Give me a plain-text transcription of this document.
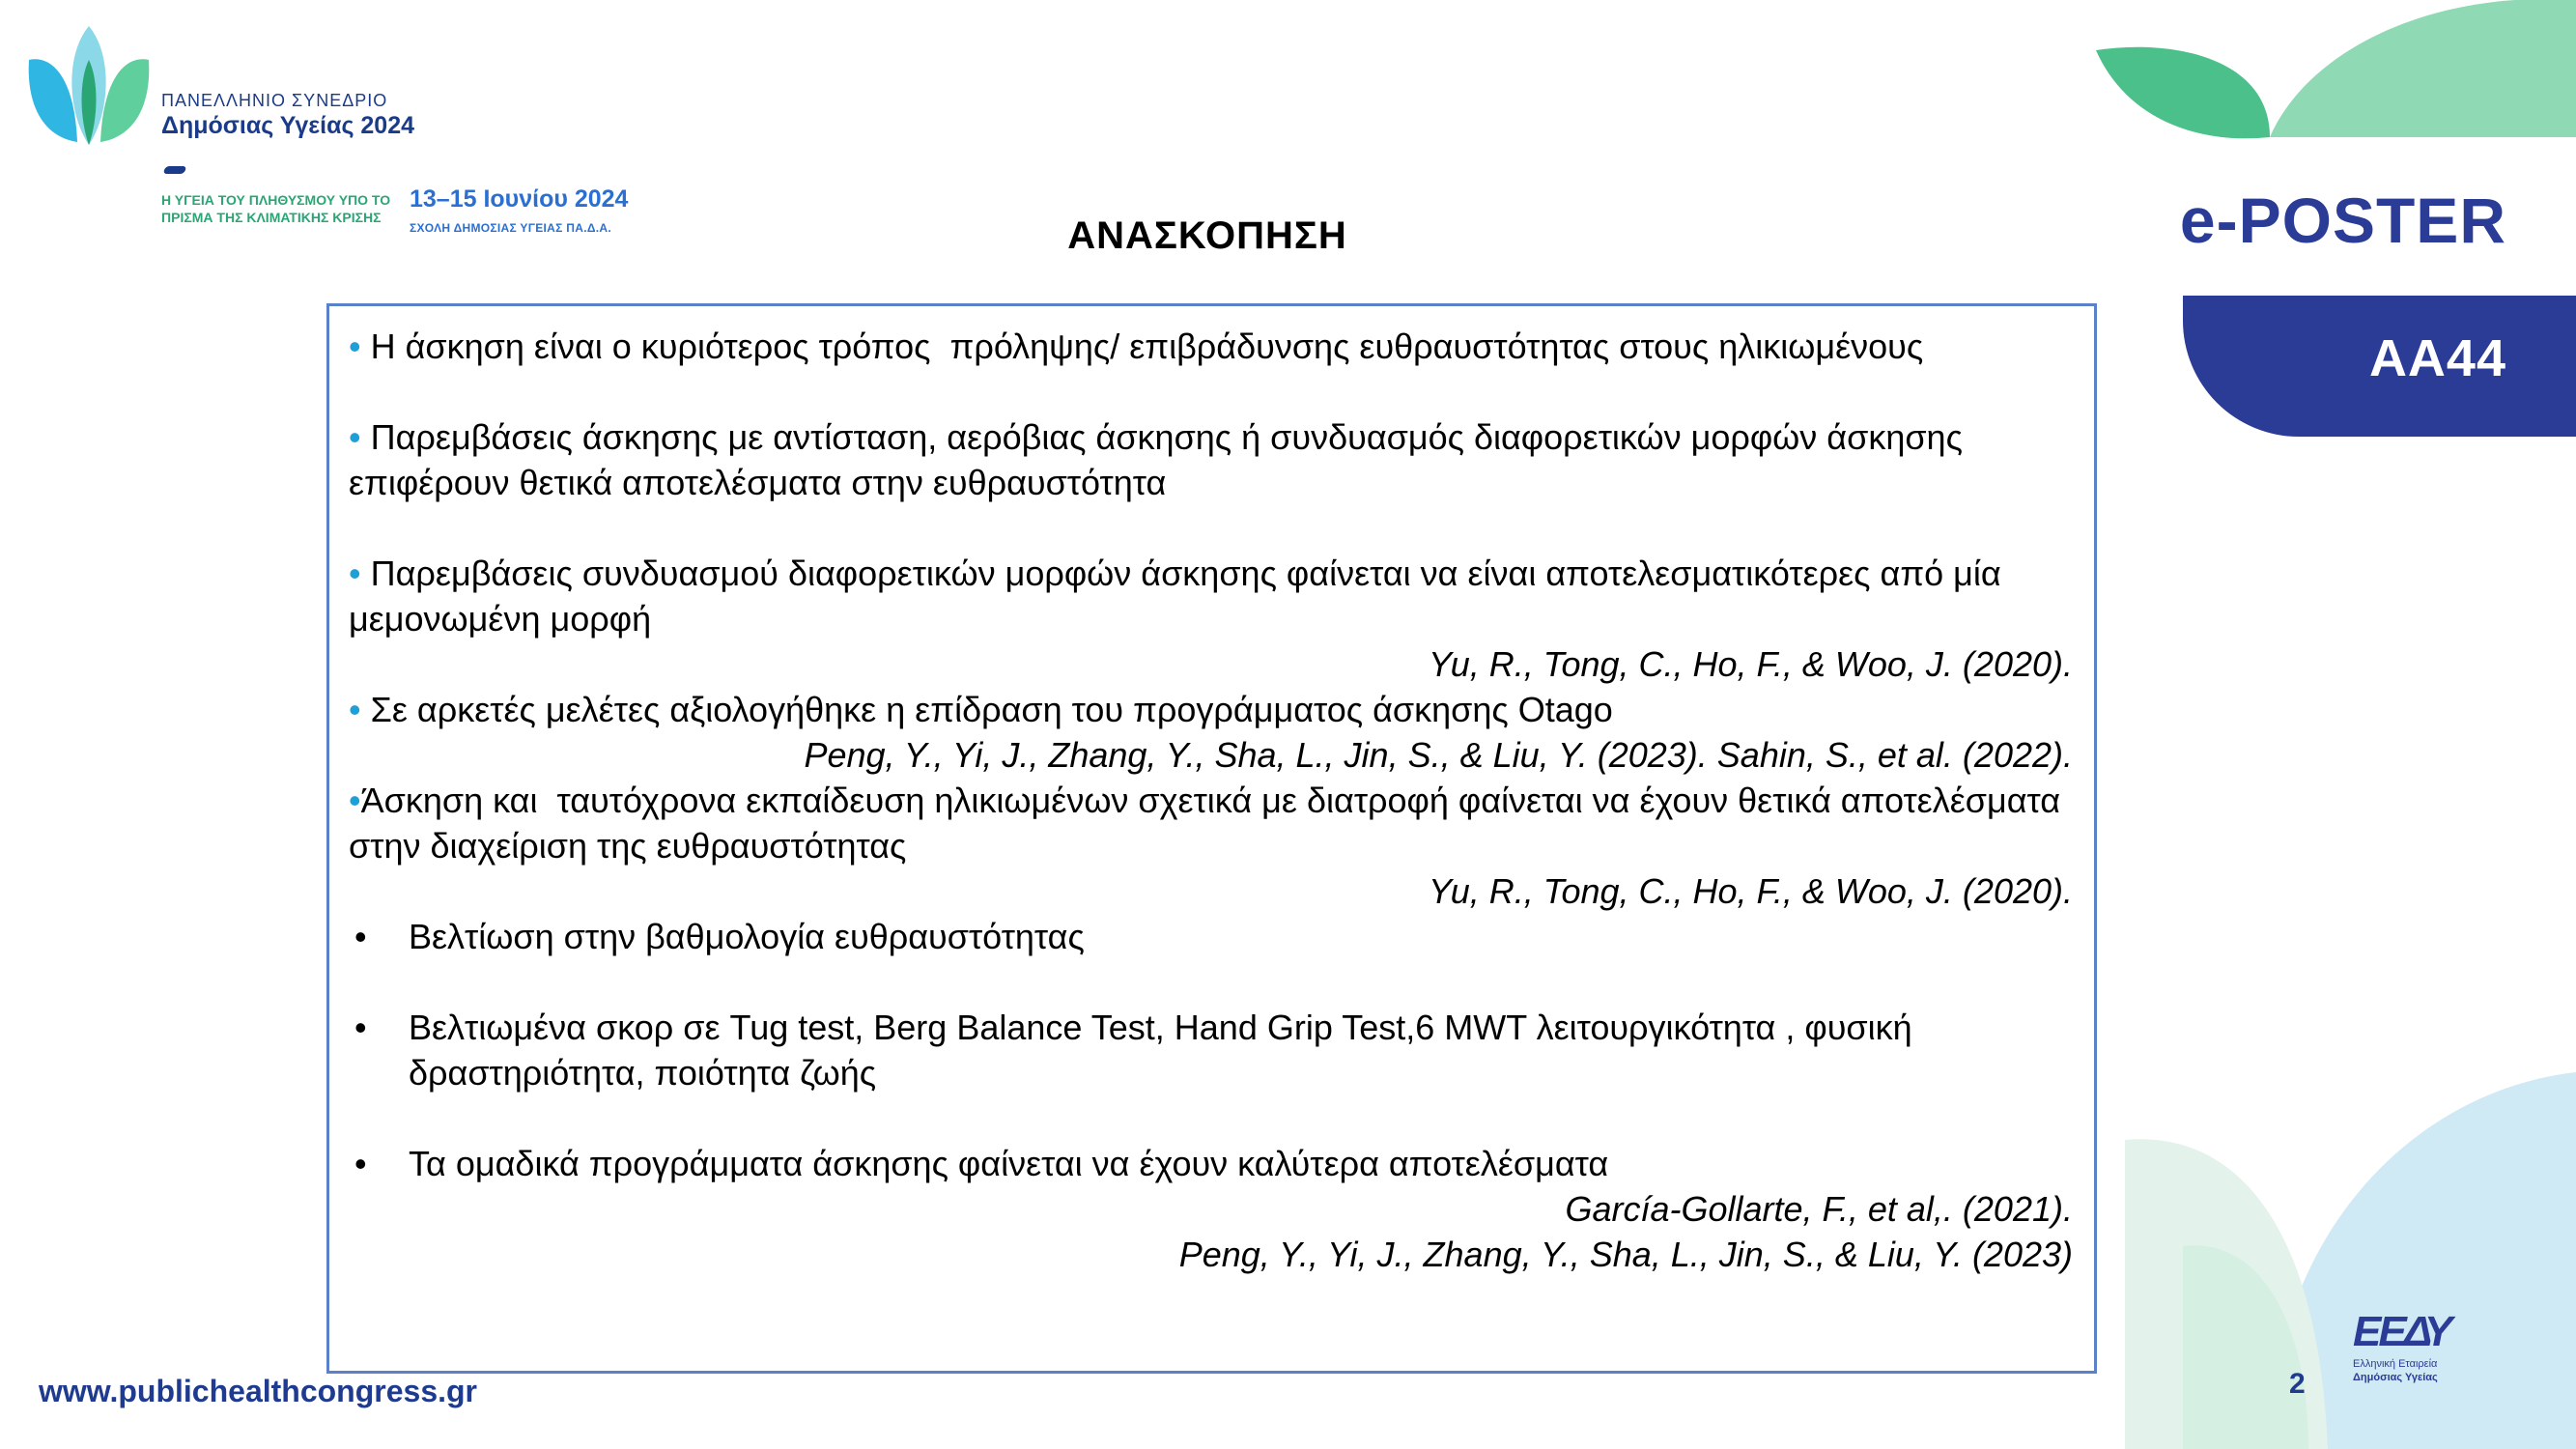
ΠΑΝΕΛΛΗΝΙΟ ΣΥΝΕΔΡΙΟ
Δημόσιας Υγείας 2024
Η ΥΓΕΙΑ ΤΟΥ ΠΛΗΘΥΣΜΟΥ ΥΠΟ ΤΟ ΠΡΙΣΜΑ ΤΗΣ ΚΛΙΜΑΤΙΚΗΣ ΚΡΙΣΗΣ
13–15 Ιουνίου 2024
ΣΧΟΛΗ ΔΗΜΟΣΙΑΣ ΥΓΕΙΑΣ ΠΑ.Δ.Α.	ΑΝΑΣΚΟΠΗΣΗ	e-POSTER
AA44
• Η άσκηση είναι ο κυριότερος τρόπος  πρόληψης/ επιβράδυνσης ευθραυστότητας στους ηλικιωμένους
• Παρεμβάσεις άσκησης με αντίσταση, αερόβιας άσκησης ή συνδυασμός διαφορετικών μορφών άσκησης  επιφέρουν θετικά αποτελέσματα στην ευθραυστότητα
• Παρεμβάσεις συνδυασμού διαφορετικών μορφών άσκησης φαίνεται να είναι αποτελεσματικότερες από μία μεμονωμένη μορφή
Yu, R., Tong, C., Ho, F., & Woo, J. (2020).
• Σε αρκετές μελέτες αξιολογήθηκε η επίδραση του προγράμματος άσκησης Otago
Peng, Y., Yi, J., Zhang, Y., Sha, L., Jin, S., & Liu, Y. (2023). Sahin, S., et al. (2022).
•Άσκηση και  ταυτόχρονα εκπαίδευση ηλικιωμένων σχετικά με διατροφή φαίνεται να έχουν θετικά αποτελέσματα στην διαχείριση της ευθραυστότητας
Yu, R., Tong, C., Ho, F., & Woo, J. (2020).
•	Βελτίωση στην βαθμολογία ευθραυστότητας
•	Βελτιωμένα σκορ σε Tug test, Berg Balance Test, Hand Grip Test,6 MWT λειτουργικότητα , φυσική δραστηριότητα, ποιότητα ζωής
•	Τα ομαδικά προγράμματα άσκησης φαίνεται να έχουν καλύτερα αποτελέσματα
García-Gollarte, F., et al,. (2021).
Peng, Y., Yi, J., Zhang, Y., Sha, L., Jin, S., & Liu, Y. (2023)
www.publichealthcongress.gr	2
ΕΕΔΥ
Ελληνική Εταιρεία
Δημόσιας Υγείας
